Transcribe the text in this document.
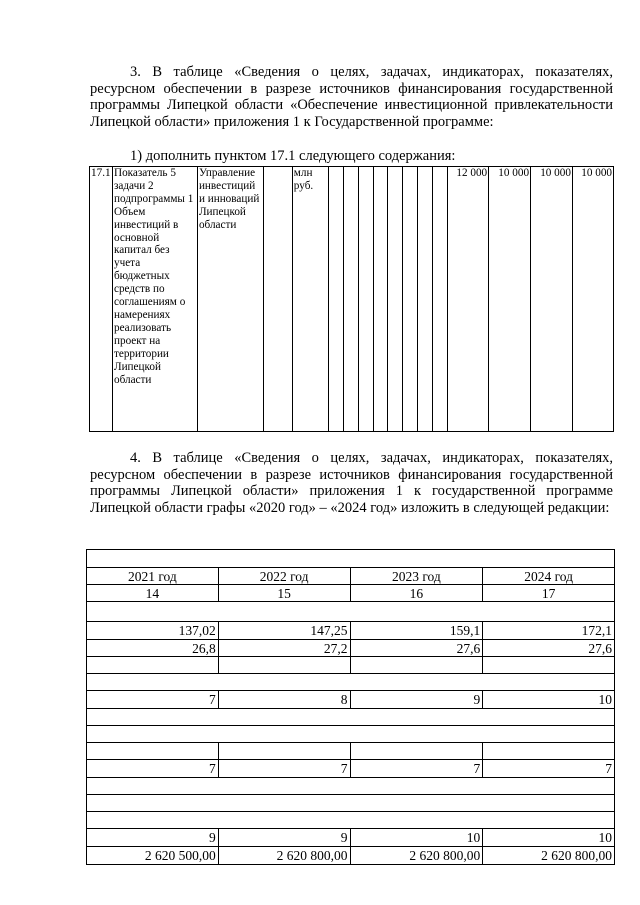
3. В таблице «Сведения о целях, задачах, индикаторах, показателях, ресурсном обеспечении в разрезе источников финансирования государственной программы Липецкой области «Обеспечение инвестиционной привлекательности Липецкой области» приложения 1 к Государственной программе:

1) дополнить пунктом 17.1 следующего содержания:

17.1	Показатель 5 задачи 2 подпрограммы 1 Объем инвестиций в основной капитал без учета бюджетных средств по соглашениям о намерениях реализовать проект на территории Липецкой области	Управление инвестиций и инноваций Липецкой области		млн руб.									12 000	10 000	10 000	10 000

4. В таблице «Сведения о целях, задачах, индикаторах, показателях, ресурсном обеспечении в разрезе источников финансирования государственной программы Липецкой области» приложения 1 к государственной программе Липецкой области графы «2020 год» – «2024 год» изложить в следующей редакции:

2021 год	2022 год	2023 год	2024 год
14	15	16	17

137,02	147,25	159,1	172,1
26,8	27,2	27,6	27,6

7	8	9	10

7	7	7	7

9	9	10	10
2 620 500,00	2 620 800,00	2 620 800,00	2 620 800,00
